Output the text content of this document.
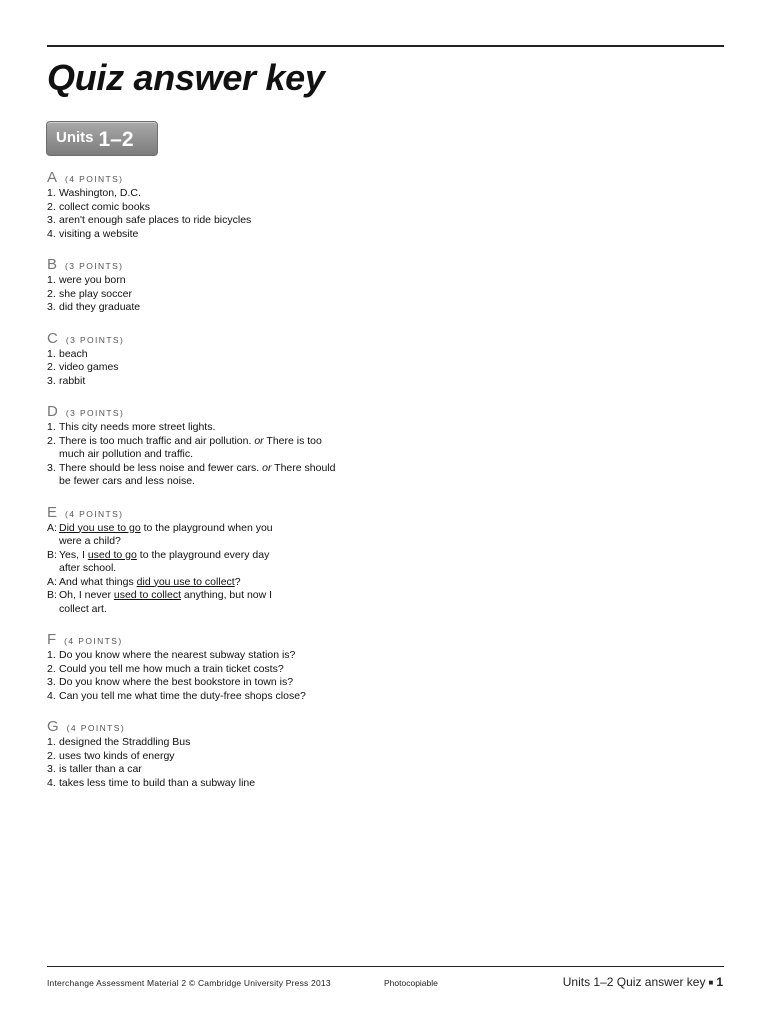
Quiz answer key
Units 1–2
A (4 POINTS)
1. Washington, D.C.
2. collect comic books
3. aren't enough safe places to ride bicycles
4. visiting a website
B (3 POINTS)
1. were you born
2. she play soccer
3. did they graduate
C (3 POINTS)
1. beach
2. video games
3. rabbit
D (3 POINTS)
1. This city needs more street lights.
2. There is too much traffic and air pollution. or There is too
much air pollution and traffic.
3. There should be less noise and fewer cars. or There should
be fewer cars and less noise.
E (4 POINTS)
A: Did you use to go to the playground when you
were a child?
B: Yes, I used to go to the playground every day
after school.
A: And what things did you use to collect?
B: Oh, I never used to collect anything, but now I
collect art.
F (4 POINTS)
1. Do you know where the nearest subway station is?
2. Could you tell me how much a train ticket costs?
3. Do you know where the best bookstore in town is?
4. Can you tell me what time the duty-free shops close?
G (4 POINTS)
1. designed the Straddling Bus
2. uses two kinds of energy
3. is taller than a car
4. takes less time to build than a subway line
Interchange Assessment Material 2 © Cambridge University Press 2013	Photocopiable	Units 1–2 Quiz answer key ■ 1
